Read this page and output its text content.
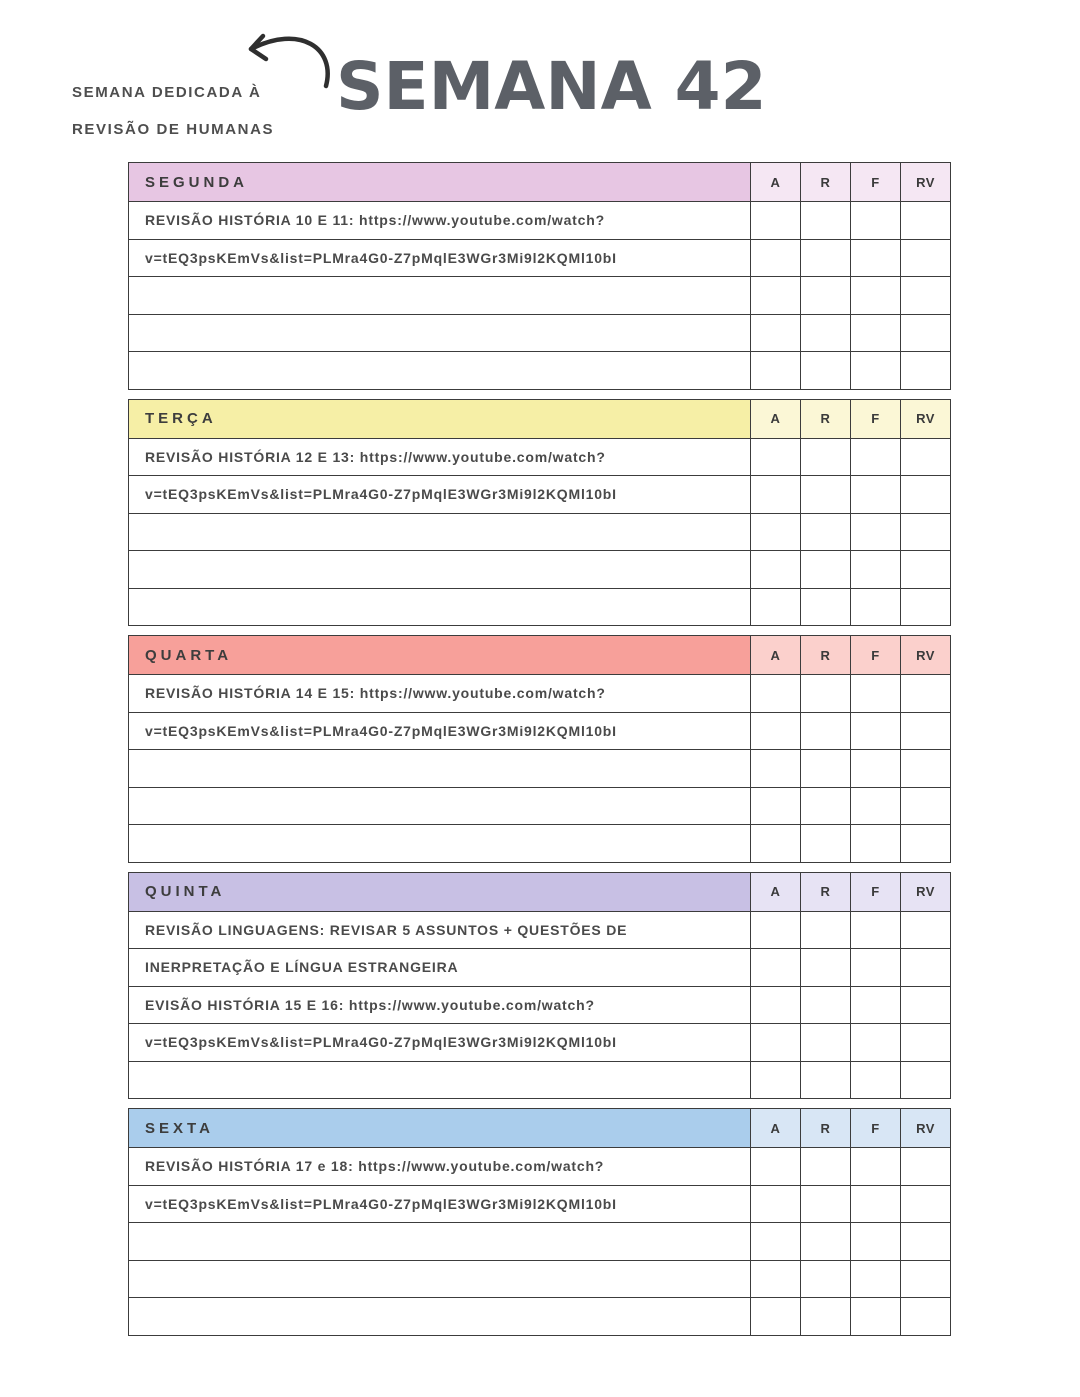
SEMANA DEDICADA À
REVISÃO DE HUMANAS
SEMANA 42
SEGUNDA	A	R	F	RV
REVISÃO HISTÓRIA 10 E 11: https://www.youtube.com/watch?				
v=tEQ3psKEmVs&list=PLMra4G0-Z7pMqlE3WGr3Mi9l2KQMl10bI				

TERÇA	A	R	F	RV
REVISÃO HISTÓRIA 12 E 13: https://www.youtube.com/watch?				
v=tEQ3psKEmVs&list=PLMra4G0-Z7pMqlE3WGr3Mi9l2KQMl10bI				

QUARTA	A	R	F	RV
REVISÃO HISTÓRIA 14 E 15: https://www.youtube.com/watch?				
v=tEQ3psKEmVs&list=PLMra4G0-Z7pMqlE3WGr3Mi9l2KQMl10bI				

QUINTA	A	R	F	RV
REVISÃO LINGUAGENS: REVISAR 5 ASSUNTOS + QUESTÕES DE				
INERPRETAÇÃO E LÍNGUA ESTRANGEIRA				
EVISÃO HISTÓRIA 15 E 16: https://www.youtube.com/watch?				
v=tEQ3psKEmVs&list=PLMra4G0-Z7pMqlE3WGr3Mi9l2KQMl10bI				

SEXTA	A	R	F	RV
REVISÃO HISTÓRIA 17 e 18: https://www.youtube.com/watch?				
v=tEQ3psKEmVs&list=PLMra4G0-Z7pMqlE3WGr3Mi9l2KQMl10bI				
